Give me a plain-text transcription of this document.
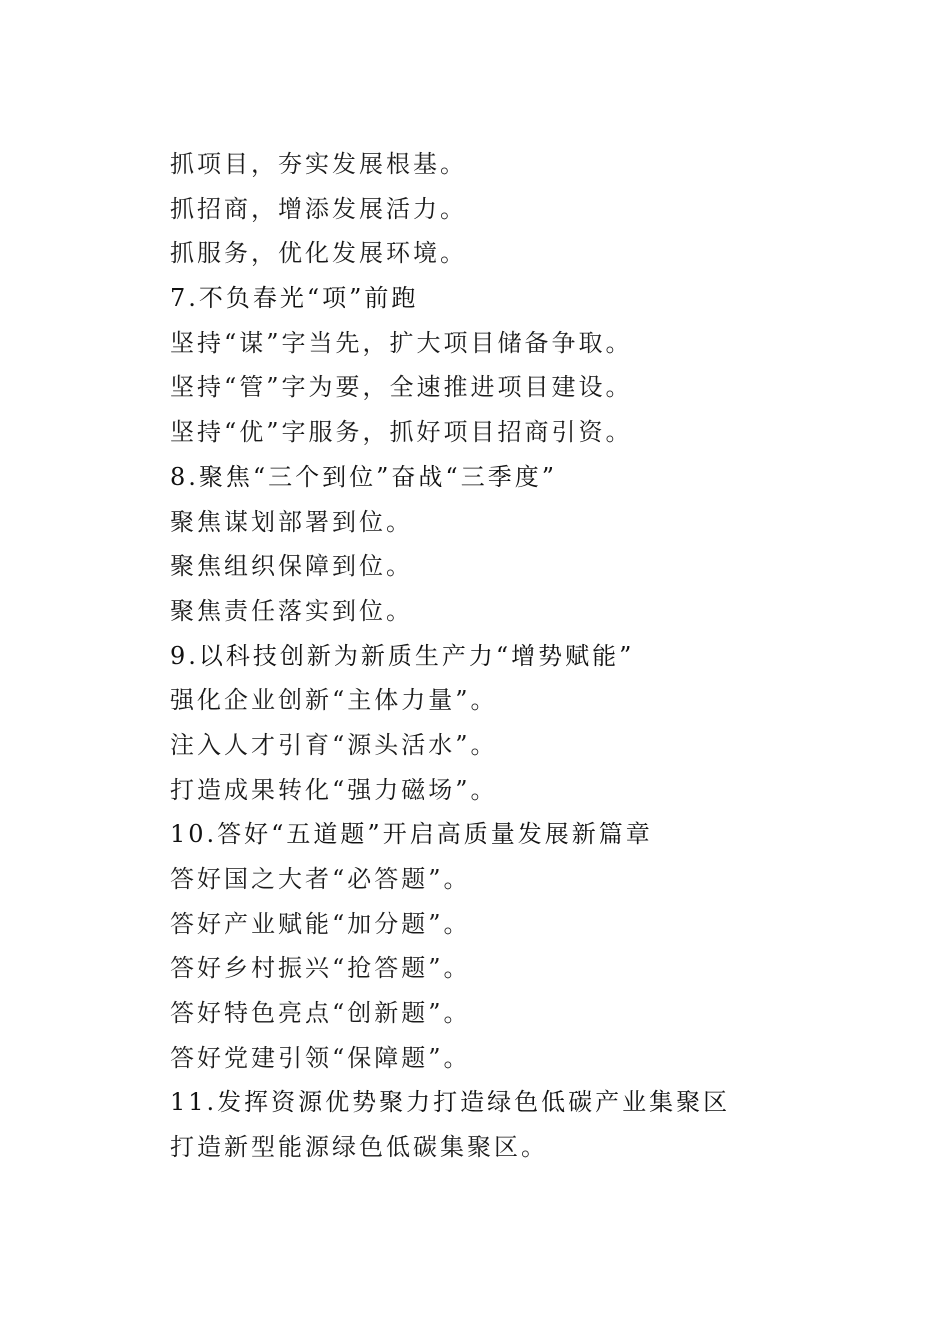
抓项目，夯实发展根基。
抓招商，增添发展活力。
抓服务，优化发展环境。
7.不负春光“项”前跑
坚持“谋”字当先，扩大项目储备争取。
坚持“管”字为要，全速推进项目建设。
坚持“优”字服务，抓好项目招商引资。
8.聚焦“三个到位”奋战“三季度”
聚焦谋划部署到位。
聚焦组织保障到位。
聚焦责任落实到位。
9.以科技创新为新质生产力“增势赋能”
强化企业创新“主体力量”。
注入人才引育“源头活水”。
打造成果转化“强力磁场”。
10.答好“五道题”开启高质量发展新篇章
答好国之大者“必答题”。
答好产业赋能“加分题”。
答好乡村振兴“抢答题”。
答好特色亮点“创新题”。
答好党建引领“保障题”。
11.发挥资源优势聚力打造绿色低碳产业集聚区
打造新型能源绿色低碳集聚区。
